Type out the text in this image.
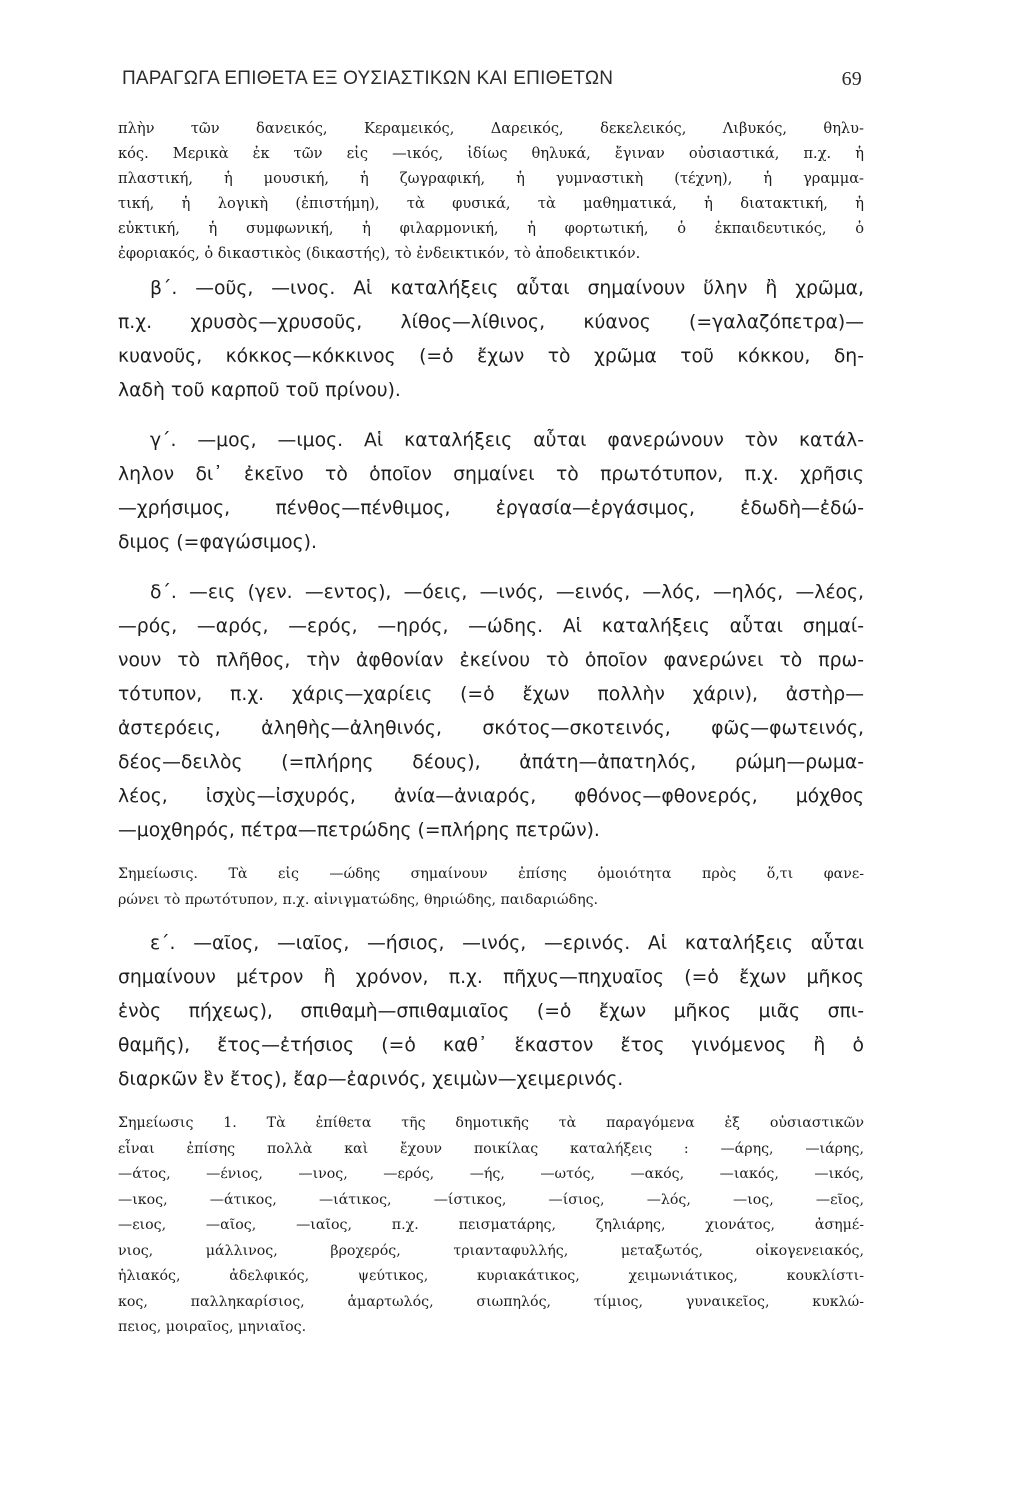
ΠΑΡΑΓΩΓΑ ΕΠΙΘΕΤΑ ΕΞ ΟΥΣΙΑΣΤΙΚΩΝ ΚΑΙ ΕΠΙΘΕΤΩΝ	69
πλὴν τῶν δανεικός, Κεραμεικός, Δαρεικός, δεκελεικός, Λιβυκός, θηλυ-
κός. Μερικὰ ἐκ τῶν εἰς —ικός, ἰδίως θηλυκά, ἔγιναν οὐσιαστικά, π.χ. ἡ
πλαστική, ἡ μουσική, ἡ ζωγραφική, ἡ γυμναστικὴ (τέχνη), ἡ γραμμα-
τική, ἡ λογικὴ (ἐπιστήμη), τὰ φυσικά, τὰ μαθηματικά, ἡ διατακτική, ἡ
εὐκτική, ἡ συμφωνική, ἡ φιλαρμονική, ἡ φορτωτική, ὁ ἐκπαιδευτικός, ὁ
ἐφοριακός, ὁ δικαστικὸς (δικαστής), τὸ ἐνδεικτικόν, τὸ ἀποδεικτικόν.
β΄. —οῦς, —ινος. Αἱ καταλήξεις αὗται σημαίνουν ὕλην ἢ χρῶμα,
π.χ. χρυσὸς—χρυσοῦς, λίθος—λίθινος, κύανος (=γαλαζόπετρα)—
κυανοῦς, κόκκος—κόκκινος (=ὁ ἔχων τὸ χρῶμα τοῦ κόκκου, δη-
λαδὴ τοῦ καρποῦ τοῦ πρίνου).
γ΄. —μος, —ιμος. Αἱ καταλήξεις αὗται φανερώνουν τὸν κατάλ-
ληλον δι᾽ ἐκεῖνο τὸ ὁποῖον σημαίνει τὸ πρωτότυπον, π.χ. χρῆσις
—χρήσιμος, πένθος—πένθιμος, ἐργασία—ἐργάσιμος, ἐδωδὴ—ἐδώ-
διμος (=φαγώσιμος).
δ΄. —εις (γεν. —εντος), —όεις, —ινός, —εινός, —λός, —ηλός, —λέος,
—ρός, —αρός, —ερός, —ηρός, —ώδης. Αἱ καταλήξεις αὗται σημαί-
νουν τὸ πλῆθος, τὴν ἀφθονίαν ἐκείνου τὸ ὁποῖον φανερώνει τὸ πρω-
τότυπον, π.χ. χάρις—χαρίεις (=ὁ ἔχων πολλὴν χάριν), ἀστὴρ—
ἀστερόεις, ἀληθὴς—ἀληθινός, σκότος—σκοτεινός, φῶς—φωτεινός,
δέος—δειλὸς (=πλήρης δέους), ἀπάτη—ἀπατηλός, ρώμη—ρωμα-
λέος, ἰσχὺς—ἰσχυρός, ἀνία—ἀνιαρός, φθόνος—φθονερός, μόχθος
—μοχθηρός, πέτρα—πετρώδης (=πλήρης πετρῶν).
Σημείωσις. Τὰ εἰς —ώδης σημαίνουν ἐπίσης ὁμοιότητα πρὸς ὅ,τι φανε-
ρώνει τὸ πρωτότυπον, π.χ. αἰνιγματώδης, θηριώδης, παιδαριώδης.
ε΄. —αῖος, —ιαῖος, —ήσιος, —ινός, —ερινός. Αἱ καταλήξεις αὗται
σημαίνουν μέτρον ἢ χρόνον, π.χ. πῆχυς—πηχυαῖος (=ὁ ἔχων μῆκος
ἑνὸς πήχεως), σπιθαμὴ—σπιθαμιαῖος (=ὁ ἔχων μῆκος μιᾶς σπι-
θαμῆς), ἔτος—ἐτήσιος (=ὁ καθ᾽ ἕκαστον ἔτος γινόμενος ἢ ὁ
διαρκῶν ἓν ἔτος), ἔαρ—ἐαρινός, χειμὼν—χειμερινός.
Σημείωσις 1. Τὰ ἐπίθετα τῆς δημοτικῆς τὰ παραγόμενα ἐξ οὐσιαστικῶν
εἶναι ἐπίσης πολλὰ καὶ ἔχουν ποικίλας καταλήξεις : —άρης, —ιάρης,
—άτος, —ένιος, —ινος, —ερός, —ής, —ωτός, —ακός, —ιακός, —ικός,
—ικος, —άτικος, —ιάτικος, —ίστικος, —ίσιος, —λός, —ιος, —εῖος,
—ειος, —αῖος, —ιαῖος, π.χ. πεισματάρης, ζηλιάρης, χιονάτος, ἀσημέ-
νιος, μάλλινος, βροχερός, τριανταφυλλής, μεταξωτός, οἰκογενειακός,
ἡλιακός, ἀδελφικός, ψεύτικος, κυριακάτικος, χειμωνιάτικος, κουκλίστι-
κος, παλληκαρίσιος, ἁμαρτωλός, σιωπηλός, τίμιος, γυναικεῖος, κυκλώ-
πειος, μοιραῖος, μηνιαῖος.
